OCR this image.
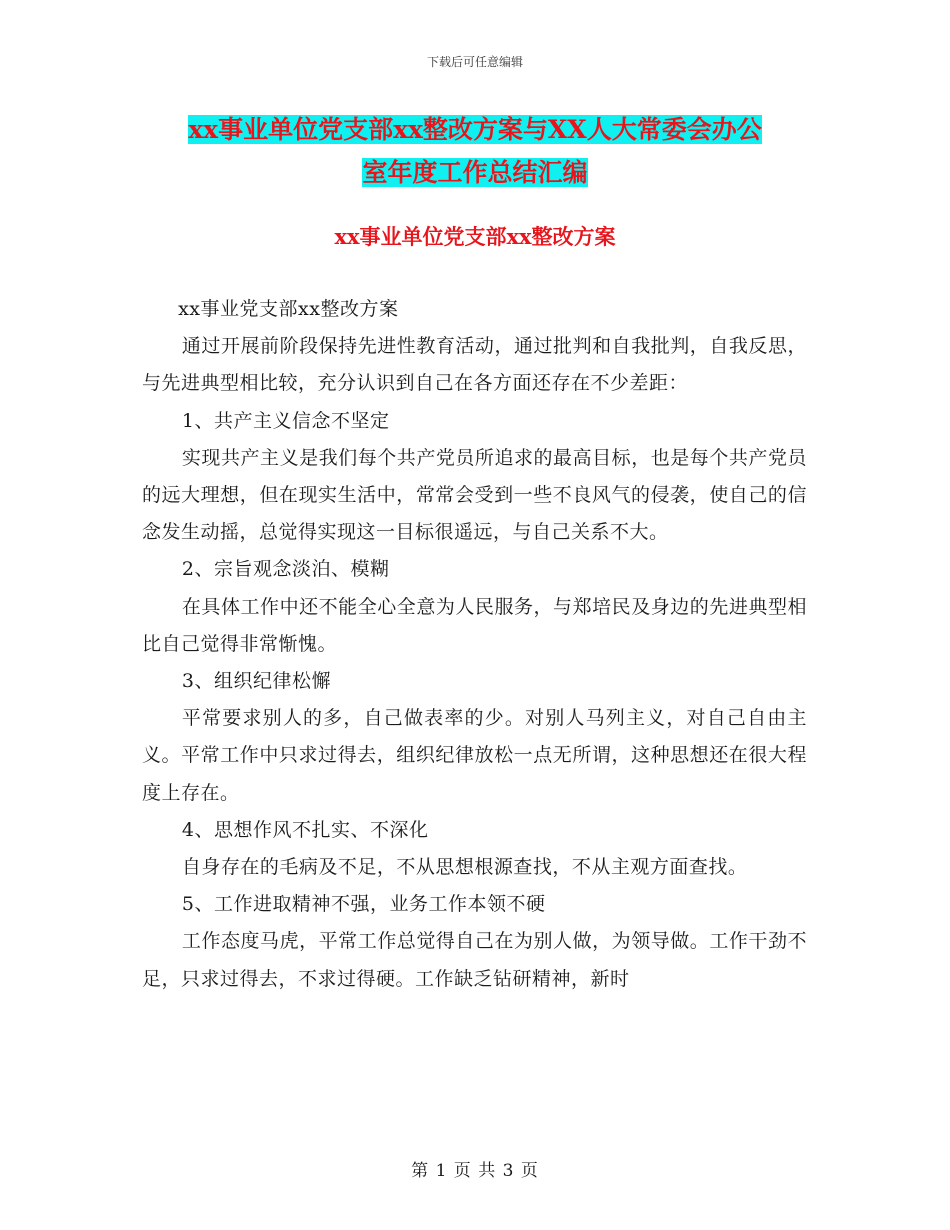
下载后可任意编辑
xx事业单位党支部xx整改方案与XX人大常委会办公
室年度工作总结汇编
xx事业单位党支部xx整改方案

xx事业党支部xx整改方案

通过开展前阶段保持先进性教育活动，通过批判和自我批判，自我反思，与先进典型相比较，充分认识到自己在各方面还存在不少差距：

1、共产主义信念不坚定

实现共产主义是我们每个共产党员所追求的最高目标，也是每个共产党员的远大理想，但在现实生活中，常常会受到一些不良风气的侵袭，使自己的信念发生动摇，总觉得实现这一目标很遥远，与自己关系不大。

2、宗旨观念淡泊、模糊

在具体工作中还不能全心全意为人民服务，与郑培民及身边的先进典型相比自己觉得非常惭愧。

3、组织纪律松懈

平常要求别人的多，自己做表率的少。对别人马列主义，对自己自由主义。平常工作中只求过得去，组织纪律放松一点无所谓，这种思想还在很大程度上存在。

4、思想作风不扎实、不深化

自身存在的毛病及不足，不从思想根源查找，不从主观方面查找。

5、工作进取精神不强，业务工作本领不硬

工作态度马虎，平常工作总觉得自己在为别人做，为领导做。工作干劲不足，只求过得去，不求过得硬。工作缺乏钻研精神，新时

第 1 页 共 3 页
